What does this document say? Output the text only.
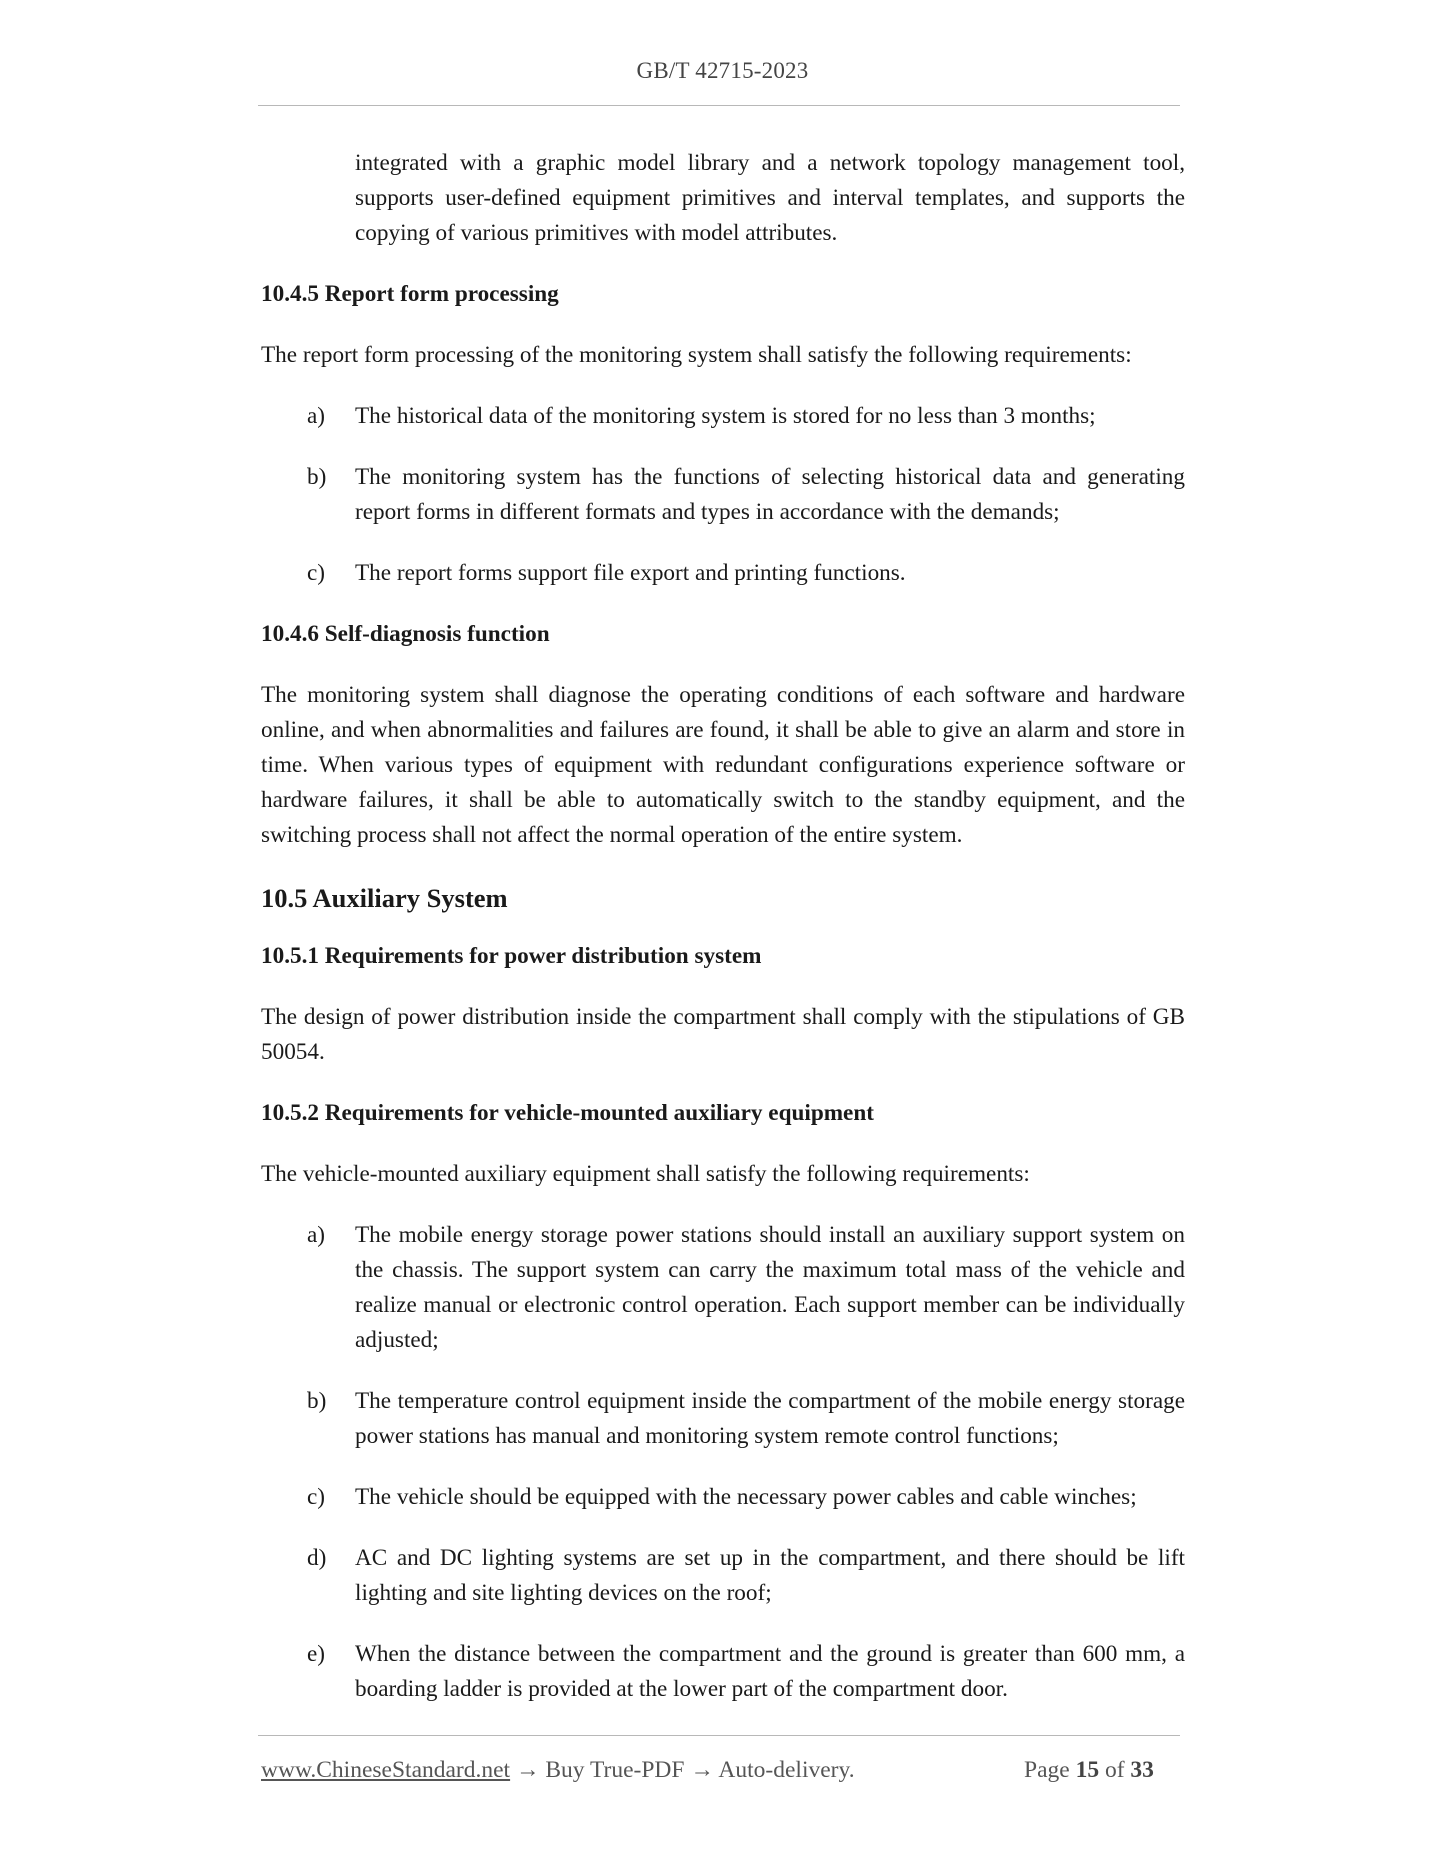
GB/T 42715-2023
integrated with a graphic model library and a network topology management tool, supports user-defined equipment primitives and interval templates, and supports the copying of various primitives with model attributes.
10.4.5 Report form processing

The report form processing of the monitoring system shall satisfy the following requirements:

a) The historical data of the monitoring system is stored for no less than 3 months;
b) The monitoring system has the functions of selecting historical data and generating report forms in different formats and types in accordance with the demands;
c) The report forms support file export and printing functions.
10.4.6 Self-diagnosis function

The monitoring system shall diagnose the operating conditions of each software and hardware online, and when abnormalities and failures are found, it shall be able to give an alarm and store in time. When various types of equipment with redundant configurations experience software or hardware failures, it shall be able to automatically switch to the standby equipment, and the switching process shall not affect the normal operation of the entire system.

10.5 Auxiliary System
10.5.1 Requirements for power distribution system

The design of power distribution inside the compartment shall comply with the stipulations of GB 50054.

10.5.2 Requirements for vehicle-mounted auxiliary equipment

The vehicle-mounted auxiliary equipment shall satisfy the following requirements:

a) The mobile energy storage power stations should install an auxiliary support system on the chassis. The support system can carry the maximum total mass of the vehicle and realize manual or electronic control operation. Each support member can be individually adjusted;
b) The temperature control equipment inside the compartment of the mobile energy storage power stations has manual and monitoring system remote control functions;
c) The vehicle should be equipped with the necessary power cables and cable winches;
d) AC and DC lighting systems are set up in the compartment, and there should be lift lighting and site lighting devices on the roof;
e) When the distance between the compartment and the ground is greater than 600 mm, a boarding ladder is provided at the lower part of the compartment door.
www.ChineseStandard.net → Buy True-PDF → Auto-delivery.	Page 15 of 33
